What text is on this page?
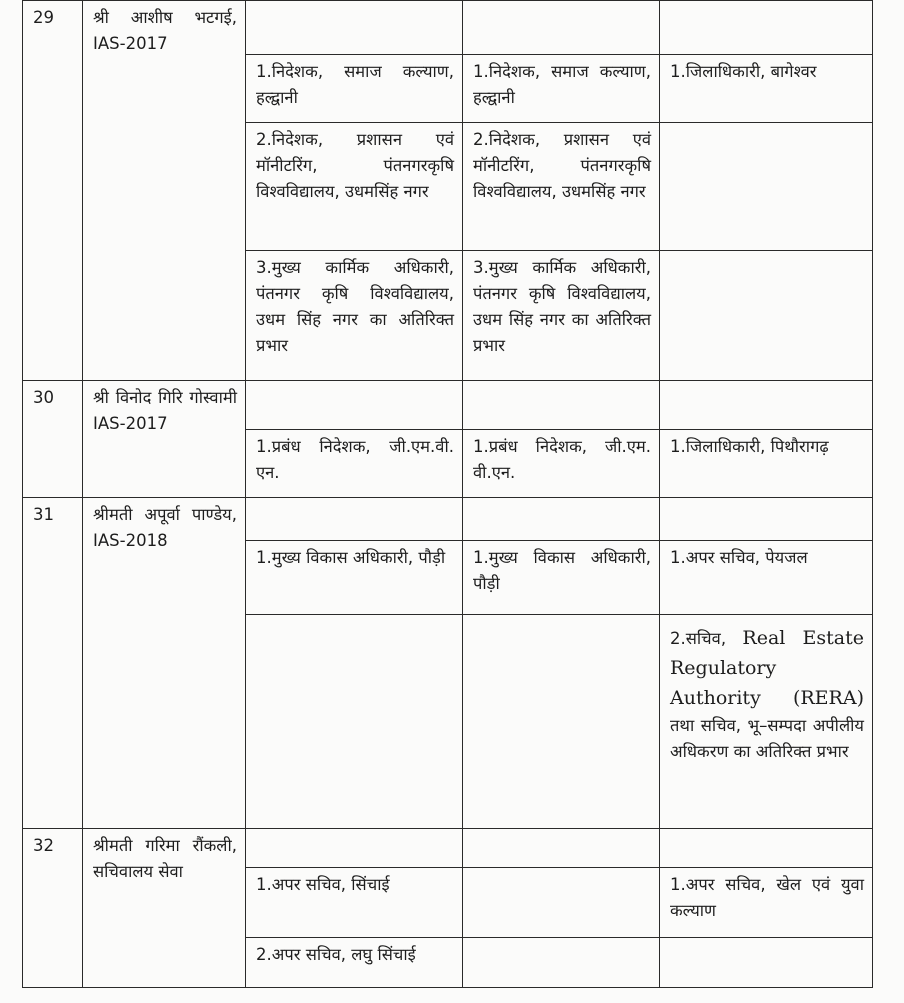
29	श्री आशीष भटगई, IAS-2017			
		1.निदेशक, समाज कल्याण, हल्द्वानी	1.निदेशक, समाज कल्याण, हल्द्वानी	1.जिलाधिकारी, बागेश्वर
		2.निदेशक, प्रशासन एवं मॉनीटरिंग, पंतनगरकृषि विश्वविद्यालय, उधमसिंह नगर	2.निदेशक, प्रशासन एवं मॉनीटरिंग, पंतनगरकृषि विश्वविद्यालय, उधमसिंह नगर	
		3.मुख्य कार्मिक अधिकारी, पंतनगर कृषि विश्वविद्यालय, उधम सिंह नगर का अतिरिक्त प्रभार	3.मुख्य कार्मिक अधिकारी, पंतनगर कृषि विश्वविद्यालय, उधम सिंह नगर का अतिरिक्त प्रभार	
30	श्री विनोद गिरि गोस्वामी IAS-2017			
		1.प्रबंध निदेशक, जी.एम.वी. एन.	1.प्रबंध निदेशक, जी.एम. वी.एन.	1.जिलाधिकारी, पिथौरागढ़
31	श्रीमती अपूर्वा पाण्डेय, IAS-2018			
		1.मुख्य विकास अधिकारी, पौड़ी	1.मुख्य विकास अधिकारी, पौड़ी	1.अपर सचिव, पेयजल
				2.सचिव, Real Estate Regulatory Authority (RERA) तथा सचिव, भू–सम्पदा अपीलीय अधिकरण का अतिरिक्त प्रभार
32	श्रीमती गरिमा रौंकली, सचिवालय सेवा			
		1.अपर सचिव, सिंचाई		1.अपर सचिव, खेल एवं युवा कल्याण
		2.अपर सचिव, लघु सिंचाई		
